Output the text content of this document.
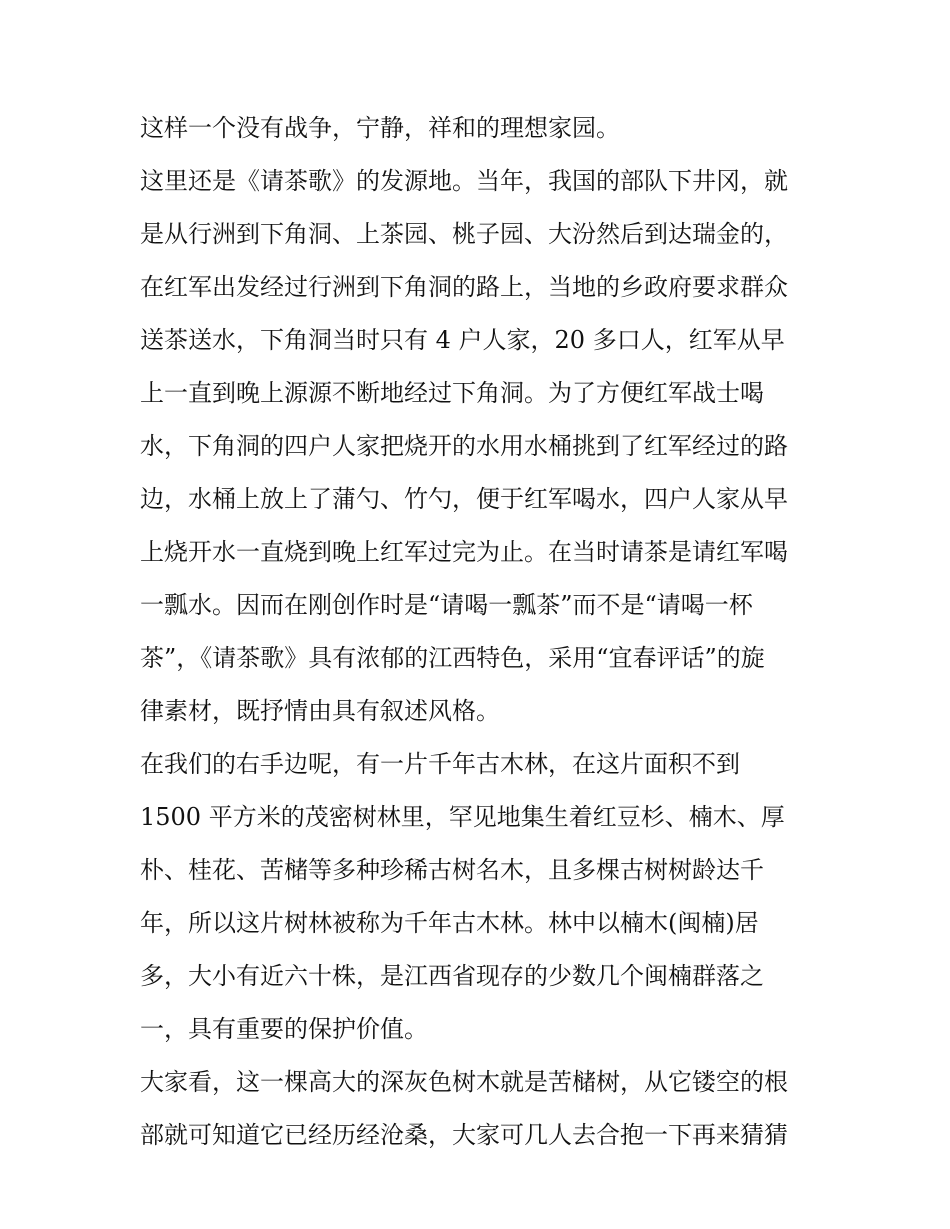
这样一个没有战争，宁静，祥和的理想家园。
这里还是《请茶歌》的发源地。当年，我国的部队下井冈，就
是从行洲到下角洞、上茶园、桃子园、大汾然后到达瑞金的，
在红军出发经过行洲到下角洞的路上，当地的乡政府要求群众
送茶送水，下角洞当时只有 4 户人家，20 多口人，红军从早
上一直到晚上源源不断地经过下角洞。为了方便红军战士喝
水，下角洞的四户人家把烧开的水用水桶挑到了红军经过的路
边，水桶上放上了蒲勺、竹勺，便于红军喝水，四户人家从早
上烧开水一直烧到晚上红军过完为止。在当时请茶是请红军喝
一瓢水。因而在刚创作时是“请喝一瓢茶”而不是“请喝一杯
茶”，《请茶歌》具有浓郁的江西特色，采用“宜春评话”的旋
律素材，既抒情由具有叙述风格。
在我们的右手边呢，有一片千年古木林，在这片面积不到
1500 平方米的茂密树林里，罕见地集生着红豆杉、楠木、厚
朴、桂花、苦槠等多种珍稀古树名木，且多棵古树树龄达千
年，所以这片树林被称为千年古木林。林中以楠木(闽楠)居
多，大小有近六十株，是江西省现存的少数几个闽楠群落之
一，具有重要的保护价值。
大家看，这一棵高大的深灰色树木就是苦槠树，从它镂空的根
部就可知道它已经历经沧桑，大家可几人去合抱一下再来猜猜
